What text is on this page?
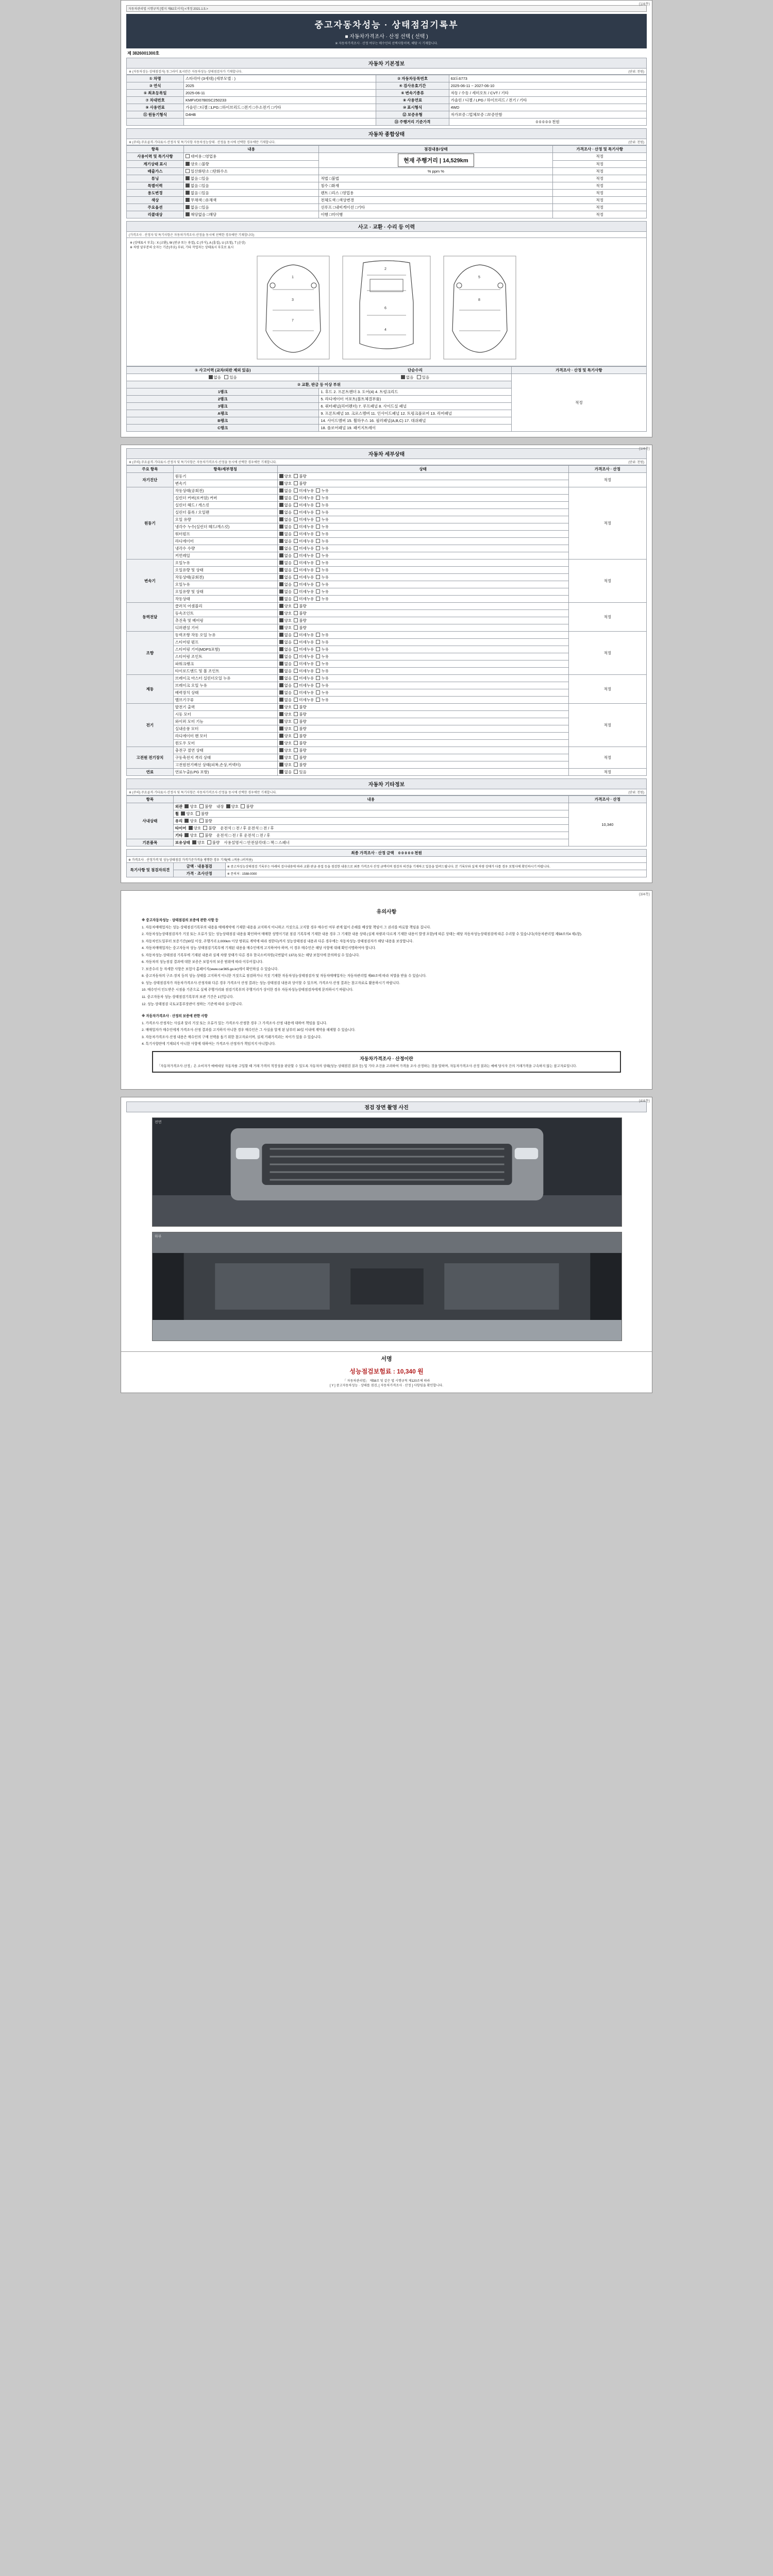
(1/4쪽)
자동차관리법 시행규칙 [별지 제82호서식] <개정 2021.1.5.>
중고자동차성능 · 상태점검기록부
■ 자동차가격조사 · 산정 선택 ( 선택 )
※ 자동차가격조사 · 산정 여부는 매수인의 선택사항이며, 해당 시 기재합니다.
제 3826001300호
자동차 기본정보
※ (자동차성능·상태점검자) 동그라미 표시란은 자동차성능·상태점검자가 기재합니다.	(단위: 천원)
① 차명	스타리아 (3세대) (세부모델 : )	② 자동차등록번호	63도6773
③ 연식	2025	④ 검사유효기간	2025-06-11 ~ 2027-06-10
⑤ 최초등록일	2025-06-11	⑥ 변속기종류	자동 / 수동 / 세미오토 / CVT / 기타
⑦ 차대번호	KMFVD07B0SC250233	⑧ 사용연료	가솔린 / 디젤 / LPG / 하이브리드 / 전기 / 기타
⑨ 사용연료	가솔린 □디젤 □LPG □하이브리드 □전기 □수소전기 □기타	⑩ 표시형식	4WD
⑪ 원동기형식	D4HB	⑫ 보증유형	자가보증 □업체보증 □보증안함
		⑬ 주행거리 기준가격	0 0 0 0 0 천원
자동차 종합상태
※ (주의) 주요골격·기타표시·산정자 및 특기사항 자동차성능상태 · 산정을 동시에 선택한 경우에만 기재합니다.	(단위: 천원)
항목	내용	점검내용/상태	가격조사 · 산정 및 특기사항
사용이력 및 특기사항	대여용 □영업용	현재 주행거리 | 14,529km	적정
계기상태 표시	양호 □불량		적정
배출가스	일산화탄소 □탄화수소	% ppm %	적정
튜닝	없음 □있음	적법 □불법	적정
특별이력	없음 □있음	침수 □화재	적정
용도변경	없음 □있음	렌트 □리스 □영업용	적정
색상	무채색 □유채색	전체도색 □색상변경	적정
주요옵션	없음 □있음	선루프 □내비게이션 □기타	적정
리콜대상	해당없음 □해당	이행 □미이행	적정
사고 · 교환 · 수리 등 이력
(가격조사 · 산정자 및 특기사항은 자동차가격조사·산정을 동시에 선택한 경우에만 기재합니다)
※ (상태표시 부호) : X (교환), W (판금 또는 용접), C (부식), A (흠집), U (요철), T (손상)
※ 차량 앞부분의 숫자는 기준(주요) 부위, 기타 작업자는 상태표시 부호로 표시
1
3
7
2
6
4
5
8
① 사고이력 (교차/외판 제외 있음)	단순수리	가격조사 · 산정 및 특기사항
없음   있음	없음   있음	적정
② 교환, 판금 등 이상 부위		
1랭크	1. 후드 2. 프론트펜더 3. 도어(4) 4. 트렁크리드	
2랭크	5. 라디에이터 서포트(볼트체결부품)	
3랭크	6. 쿼터패널(리어펜더) 7. 루프패널 8. 사이드실 패널	
A랭크	9. 프론트패널 10. 크로스멤버 11. 인사이드패널 12. 트렁크플로어 13. 리어패널	
B랭크	14. 사이드멤버 15. 휠하우스 16. 필러패널(A,B,C) 17. 대쉬패널	
C랭크	18. 플로어패널 19. 패키지트레이	
(1/4쪽)
자동차 세부상태
※ (주의) 주요골격·기타표시·산정자 및 특기사항은 자동차가격조사·산정을 동시에 선택한 경우에만 기재합니다.	(단위: 천원)
주요 항목	항목/세부명칭	상태	가격조사 · 산정
자기진단	원동기	양호  불량	적정
	변속기	양호  불량	
원동기	작동상태(공회전)	없음  미세누유  누유	적정
	실린더 커버(로커암) 커버	없음  미세누유  누유	
	실린더 헤드 / 개스킷	없음  미세누유  누유	
	실린더 블록 / 오일팬	없음  미세누유  누유	
	오일 유량	없음  미세누유  누유	
	냉각수 누수(실린더 헤드/개스킷)	없음  미세누유  누유	
	워터펌프	없음  미세누유  누유	
	라디에이터	없음  미세누유  누유	
	냉각수 수량	없음  미세누유  누유	
	커먼레일	없음  미세누유  누유	
변속기	오일누유	없음  미세누유  누유	적정
	오일유량 및 상태	없음  미세누유  누유	
	작동상태(공회전)	없음  미세누유  누유	
	오일누유	없음  미세누유  누유	
	오일유량 및 상태	없음  미세누유  누유	
	작동상태	없음  미세누유  누유	
동력전달	클러치 어셈블리	양호  불량	적정
	등속조인트	양호  불량	
	추진축 및 베어링	양호  불량	
	디퍼렌셜 기어	양호  불량	
조향	동력조향 작동 오일 누유	없음  미세누유  누유	적정
	스티어링 펌프	없음  미세누유  누유	
	스티어링 기어(MDPS포함)	없음  미세누유  누유	
	스티어링 조인트	없음  미세누유  누유	
	파워크랭크	없음  미세누유  누유	
	타이로드엔드 및 볼 조인트	없음  미세누유  누유	
제동	브레이크 마스터 실린더오일 누유	없음  미세누유  누유	적정
	브레이크 오일 누유	없음  미세누유  누유	
	배력장치 상태	없음  미세누유  누유	
	밸브기구류	없음  미세누유  누유	
전기	발전기 출력	양호  불량	적정
	시동 모터	양호  불량	
	와이퍼 모터 기능	양호  불량	
	실내송풍 모터	양호  불량	
	라디에이터 팬 모터	양호  불량	
	윈도우 모터	양호  불량	
고전원 전기장치	충전구 절연 상태	양호  불량	적정
	구동축전지 격리 상태	양호  불량	
	고전원전기배선 상태(피복,손상,커넥터)	양호  불량	
연료	연료누출(LPG 포함)	없음  있음	적정
자동차 기타정보
※ (주의) 주요골격·기타표시·산정자 및 특기사항은 자동차가격조사·산정을 동시에 선택한 경우에만 기재합니다.	(단위: 천원)
항목	내용	가격조사 · 산정
사내상태	외관 양호  불량    내장 양호  불량	10,340
	휠 양호  불량	
	유리 양호  불량	
	타이어 양호  불량    운전석 □ 전 / 후 운전석 □ 전 / 후	
	기타 양호  불량    운전석 □ 전 / 후 운전석 □ 전 / 후	
기본품목	보유상태 양호  불량    사용설명서 □ 안전삼각대 □ 잭 □ 스패너	
최종 가격조사 · 산정 금액 0 0 0 0 0 천원		
※ 가격조사 · 산정가격 및 성능상태점검 가격기준가격을 병행한 경우 기재(예: □적용 □비적용)		
특기사항 및 점검자의견	금액 · 내용점검	※ 중고차성능상태점검 기록부는 아래의 검사내용에 따라 교환·판금·용접 등을 점검한 내용으로 최종 가격조사 산정 금액이며 점검자 의견을 기재하고 있음을 알려드립니다. 본 기록부와 실제 차량 상태가 다를 경우 보험사에 확인하시기 바랍니다.
	가격 · 조사산정	※ 문의처 : 1588-0000
(3/4쪽)
유의사항

※ 중고자동차성능 · 상태점검의 보증에 관한 사항 등

1. 자동차매매업자는 성능·상태점검기록부의 내용을 매매계약에 기재한 내용을 교지하지 아니하고 거짓으로 고지할 경우 매수인 여부 관계 없이 손해를 배상할 책임이 그 권리를 바로할 책임을 집니다.

2. 자동차성능상태점검자가 거짓 또는 오류가 있는 성능상태점검 내용을 확인하여 매매한 성명이기된 점검 기록부에 기재한 내용 경우 그 기재한 내용 상태 (실제 차량과 다르게 기재한 내용이 발생 포함)에 따른 상태는 해당 자동차성능상태점검에 따른 수리할 수 있습니다(자동차관리법 제58조의4 제1항).

3. 자동차인도일부터 보증기간(30일 이상, 주행거리 2,000km 이상 범위로 계약에 따라 정한다)까지 성능상태점검 내용과 다른 경우에는 자동차성능·상태점검자가 해당 내용을 보상합니다.

4. 자동차매매업자는 중고자동차 성능·상태점검기록부에 기재된 내용을 매수인에게 고지하여야 하며, 이 경우 매수인은 해당 사항에 대해 확인서명하여야 합니다.

5. 자동차성능·상태점검 기록부에 기재된 내용과 실제 차량 상태가 다른 경우 한국소비자원(국번없이 1372) 또는 해당 보험사에 문의하실 수 있습니다.

6. 자동차의 성능점검 결과에 대한 보증은 보험사의 보증 범위에 따라 이루어집니다.

7. 보증수리 등 자세한 사항은 보험사 홈페이지(www.car365.go.kr)에서 확인하실 수 있습니다.

8. 중고자동차의 구조·장치 등의 성능·상태를 고지하지 아니한 거짓으로 점검하거나 거짓 기재한 자동차성능상태점검자 및 자동차매매업자는 자동차관리법 제80조에 따라 처벌을 받을 수 있습니다.

9. 성능·상태점검자가 자동차가격조사·산정자와 다른 경우 가격조사 산정 결과는 성능·상태점검 내용과 상이할 수 있으며, 가격조사·산정 결과는 참고자료로 활용하시기 바랍니다.

10. 매수인이 인도받은 시점을 기준으로 실제 주행거리와 점검기록부의 주행거리가 상이한 경우 자동차성능상태점검자에게 문의하시기 바랍니다.

11. 중고자동차 성능·상태점검기록부의 보관 기간은 1년입니다.

12. 성능·상태점검 국토교통부장관이 정하는 기준에 따라 실시합니다.

※ 자동차가격조사 · 산정의 보증에 관한 사항

1. 가격조사·산정자는 사실과 달리 거짓 또는 오류가 있는 가격조사·산정한 경우 그 가격조사·산정 내용에 대하여 책임을 집니다.

2. 매매업자가 매수인에게 가격조사·산정 결과를 고지하지 아니한 경우 매수인은 그 사실을 알게 된 날부터 30일 이내에 계약을 해제할 수 있습니다.

3. 자동차가격조사·산정 내용은 매수인의 구매 선택을 돕기 위한 참고자료이며, 실제 거래가격과는 차이가 있을 수 있습니다.

4. 특기사항란에 기재되지 아니한 사항에 대하여는 가격조사·산정자가 책임지지 아니합니다.

자동차가격조사 · 산정이란

「자동차가격조사·산정」은 소비자가 매매대상 자동차를 구입할 때 거래 가격의 적정성을 판단할 수 있도록 자동차의 상태(성능·상태점검 결과 등) 및 기타 조건을 고려하여 가격을 조사·산정하는 것을 말하며, 자동차가격조사·산정 결과는 매매 당사자 간의 거래가격을 구속하지 않는 참고자료입니다.

(4/4쪽)
점검 장면 촬영 사진
전면
하부
서명
성능점검보험료 : 10,340 원
「 자동차관리법」 제58조 및 같은 법 시행규칙 제120조에 따라
[ Y ] 중고자동차성능 · 상태를 점검, [ 자동차가격조사 · 산정 ] 사항임을 확인합니다.
